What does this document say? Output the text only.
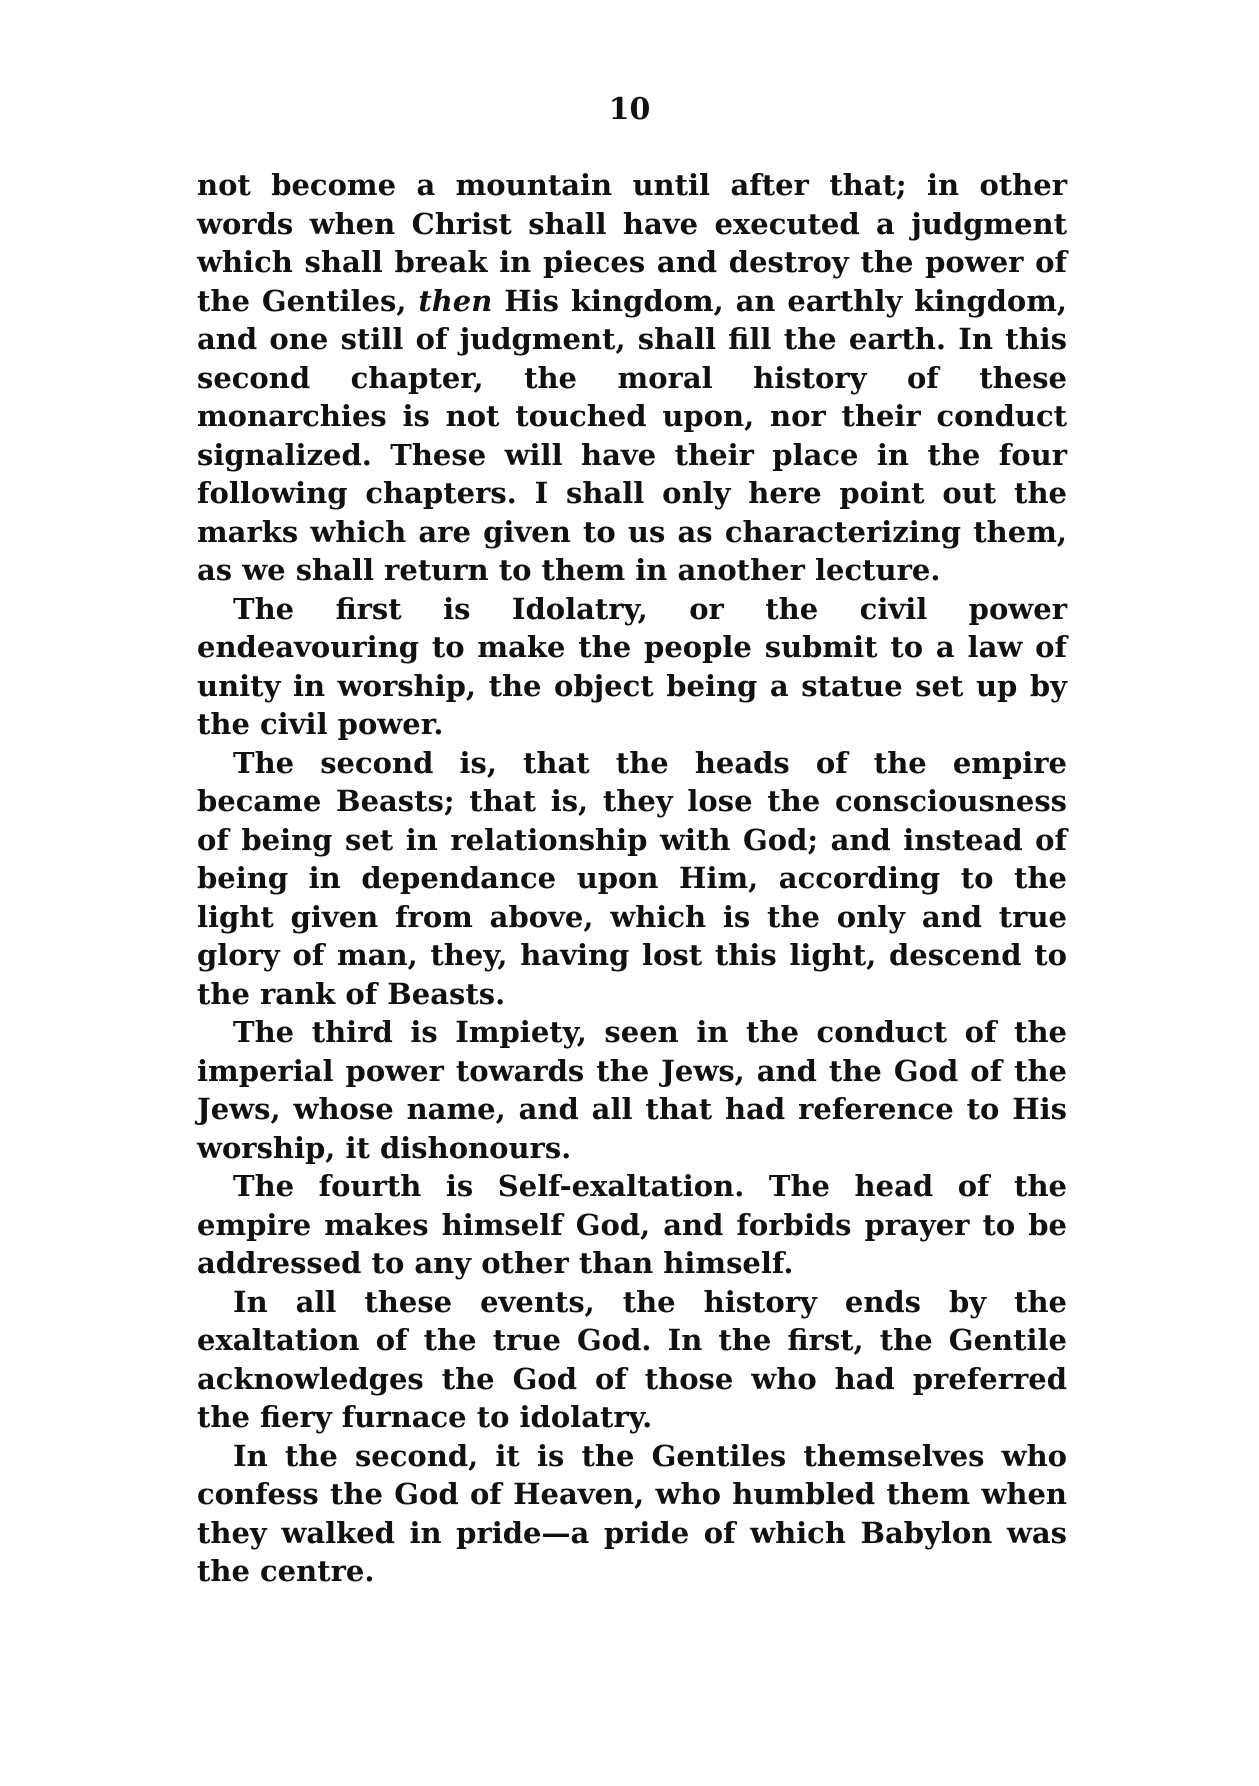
10

not become a mountain until after that; in other words when Christ shall have executed a judgment which shall break in pieces and destroy the power of the Gentiles, then His kingdom, an earthly kingdom, and one still of judgment, shall fill the earth. In this second chapter, the moral history of these monarchies is not touched upon, nor their conduct signalized. These will have their place in the four following chapters. I shall only here point out the marks which are given to us as characterizing them, as we shall return to them in another lecture.

The first is Idolatry, or the civil power endeavouring to make the people submit to a law of unity in worship, the object being a statue set up by the civil power.

The second is, that the heads of the empire became Beasts; that is, they lose the consciousness of being set in relationship with God; and instead of being in dependance upon Him, according to the light given from above, which is the only and true glory of man, they, having lost this light, descend to the rank of Beasts.

The third is Impiety, seen in the conduct of the imperial power towards the Jews, and the God of the Jews, whose name, and all that had reference to His worship, it dishonours.

The fourth is Self-exaltation. The head of the empire makes himself God, and forbids prayer to be addressed to any other than himself.

In all these events, the history ends by the exaltation of the true God. In the first, the Gentile acknowledges the God of those who had preferred the fiery furnace to idolatry.

In the second, it is the Gentiles themselves who confess the God of Heaven, who humbled them when they walked in pride—a pride of which Babylon was the centre.
